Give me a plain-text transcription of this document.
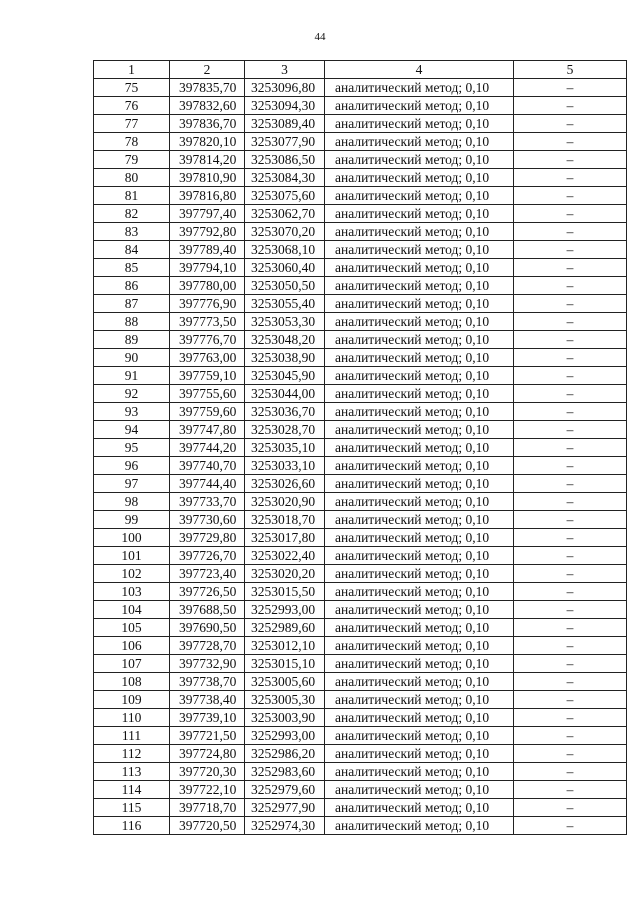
44
1	2	3	4	5
75	397835,70	3253096,80	аналитический метод; 0,10	–
76	397832,60	3253094,30	аналитический метод; 0,10	–
77	397836,70	3253089,40	аналитический метод; 0,10	–
78	397820,10	3253077,90	аналитический метод; 0,10	–
79	397814,20	3253086,50	аналитический метод; 0,10	–
80	397810,90	3253084,30	аналитический метод; 0,10	–
81	397816,80	3253075,60	аналитический метод; 0,10	–
82	397797,40	3253062,70	аналитический метод; 0,10	–
83	397792,80	3253070,20	аналитический метод; 0,10	–
84	397789,40	3253068,10	аналитический метод; 0,10	–
85	397794,10	3253060,40	аналитический метод; 0,10	–
86	397780,00	3253050,50	аналитический метод; 0,10	–
87	397776,90	3253055,40	аналитический метод; 0,10	–
88	397773,50	3253053,30	аналитический метод; 0,10	–
89	397776,70	3253048,20	аналитический метод; 0,10	–
90	397763,00	3253038,90	аналитический метод; 0,10	–
91	397759,10	3253045,90	аналитический метод; 0,10	–
92	397755,60	3253044,00	аналитический метод; 0,10	–
93	397759,60	3253036,70	аналитический метод; 0,10	–
94	397747,80	3253028,70	аналитический метод; 0,10	–
95	397744,20	3253035,10	аналитический метод; 0,10	–
96	397740,70	3253033,10	аналитический метод; 0,10	–
97	397744,40	3253026,60	аналитический метод; 0,10	–
98	397733,70	3253020,90	аналитический метод; 0,10	–
99	397730,60	3253018,70	аналитический метод; 0,10	–
100	397729,80	3253017,80	аналитический метод; 0,10	–
101	397726,70	3253022,40	аналитический метод; 0,10	–
102	397723,40	3253020,20	аналитический метод; 0,10	–
103	397726,50	3253015,50	аналитический метод; 0,10	–
104	397688,50	3252993,00	аналитический метод; 0,10	–
105	397690,50	3252989,60	аналитический метод; 0,10	–
106	397728,70	3253012,10	аналитический метод; 0,10	–
107	397732,90	3253015,10	аналитический метод; 0,10	–
108	397738,70	3253005,60	аналитический метод; 0,10	–
109	397738,40	3253005,30	аналитический метод; 0,10	–
110	397739,10	3253003,90	аналитический метод; 0,10	–
111	397721,50	3252993,00	аналитический метод; 0,10	–
112	397724,80	3252986,20	аналитический метод; 0,10	–
113	397720,30	3252983,60	аналитический метод; 0,10	–
114	397722,10	3252979,60	аналитический метод; 0,10	–
115	397718,70	3252977,90	аналитический метод; 0,10	–
116	397720,50	3252974,30	аналитический метод; 0,10	–
